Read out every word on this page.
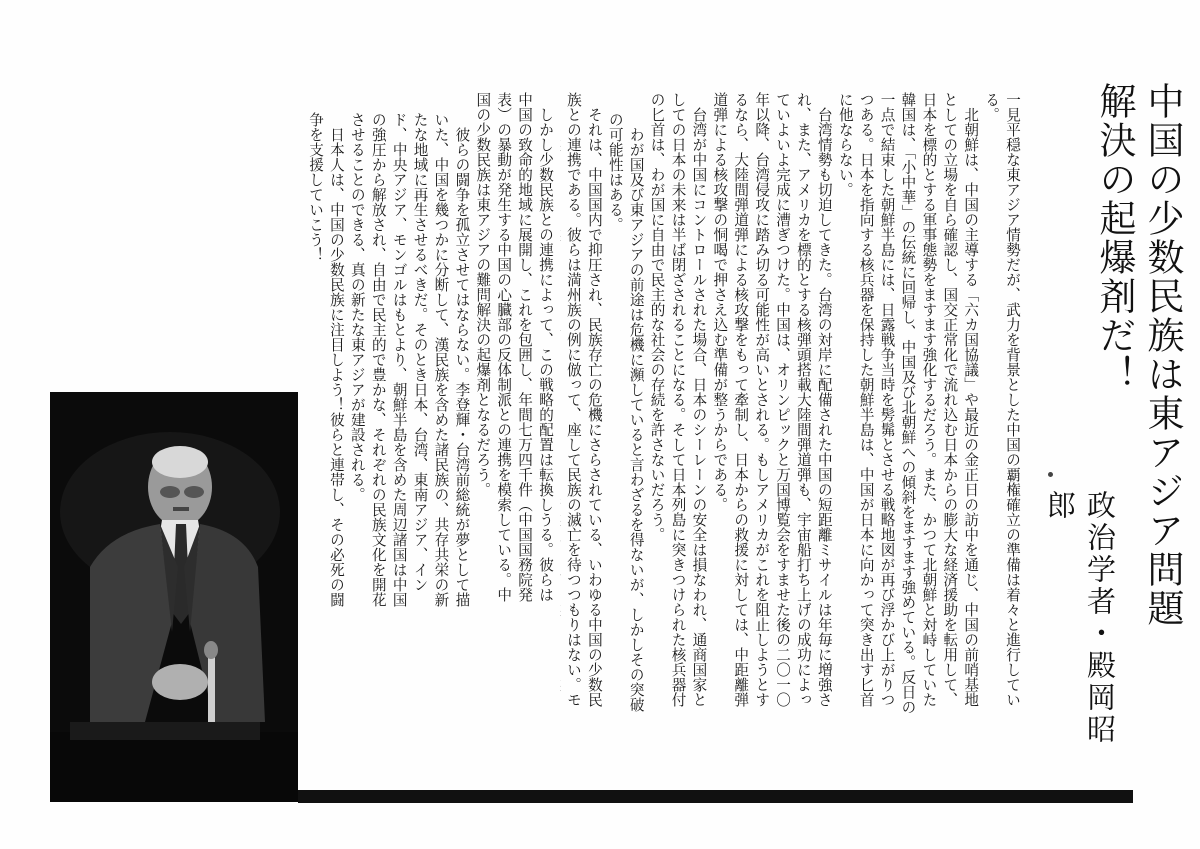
中国の少数民族は東アジア問題解決の起爆剤だ！
政治学者・殿岡昭郎

一見平穏な東アジア情勢だが、武力を背景とした中国の覇権確立の準備は着々と進行している。

北朝鮮は、中国の主導する「六カ国協議」や最近の金正日の訪中を通じ、中国の前哨基地としての立場を自ら確認し、国交正常化で流れ込む日本からの膨大な経済援助を転用して、日本を標的とする軍事態勢をますます強化するだろう。また、かつて北朝鮮と対峙していた韓国は、「小中華」の伝統に回帰し、中国及び北朝鮮への傾斜をますます強めている。反日の一点で結束した朝鮮半島には、日露戦争当時を髣髴とさせる戦略地図が再び浮かび上がりつつある。日本を指向する核兵器を保持した朝鮮半島は、中国が日本に向かって突き出す匕首に他ならない。

台湾情勢も切迫してきた。台湾の対岸に配備された中国の短距離ミサイルは年毎に増強され、また、アメリカを標的とする核弾頭搭載大陸間弾道弾も、宇宙船打ち上げの成功によっていよいよ完成に漕ぎつけた。中国は、オリンピックと万国博覧会をすませた後の二〇一〇年以降、台湾侵攻に踏み切る可能性が高いとされる。もしアメリカがこれを阻止しようとするなら、大陸間弾道弾による核攻撃をもって牽制し、日本からの救援に対しては、中距離弾道弾による核攻撃の恫喝で押さえ込む準備が整うからである。

台湾が中国にコントロールされた場合、日本のシーレーンの安全は損なわれ、通商国家としての日本の未来は半ば閉ざされることになる。そして日本列島に突きつけられた核兵器付の匕首は、わが国に自由で民主的な社会の存続を許さないだろう。

わが国及び東アジアの前途は危機に瀕していると言わざるを得ないが、しかしその突破の可能性はある。

それは、中国国内で抑圧され、民族存亡の危機にさらされている、いわゆる中国の少数民族との連携である。彼らは満州族の例に倣って、座して民族の滅亡を待つつもりはない。モ

しかし少数民族との連携によって、この戦略的配置は転換しうる。彼らは中国の致命的地域に展開し、これを包囲し、年間七万四千件（中国国務院発表）の暴動が発生する中国の心臓部の反体制派との連携を模索している。中国の少数民族は東アジアの難問解決の起爆剤となるだろう。

彼らの闘争を孤立させてはならない。李登輝・台湾前総統が夢として描いた、中国を幾つかに分断して、漢民族を含めた諸民族の、共存共栄の新たな地域に再生させるべきだ。そのとき日本、台湾、東南アジア、インド、中央アジア、モンゴルはもとより、朝鮮半島を含めた周辺諸国は中国の強圧から解放され、自由で民主的で豊かな、それぞれの民族文化を開花させることのできる、真の新たな東アジアが建設される。

日本人は、中国の少数民族に注目しよう！彼らと連帯し、その必死の闘争を支援していこう！
